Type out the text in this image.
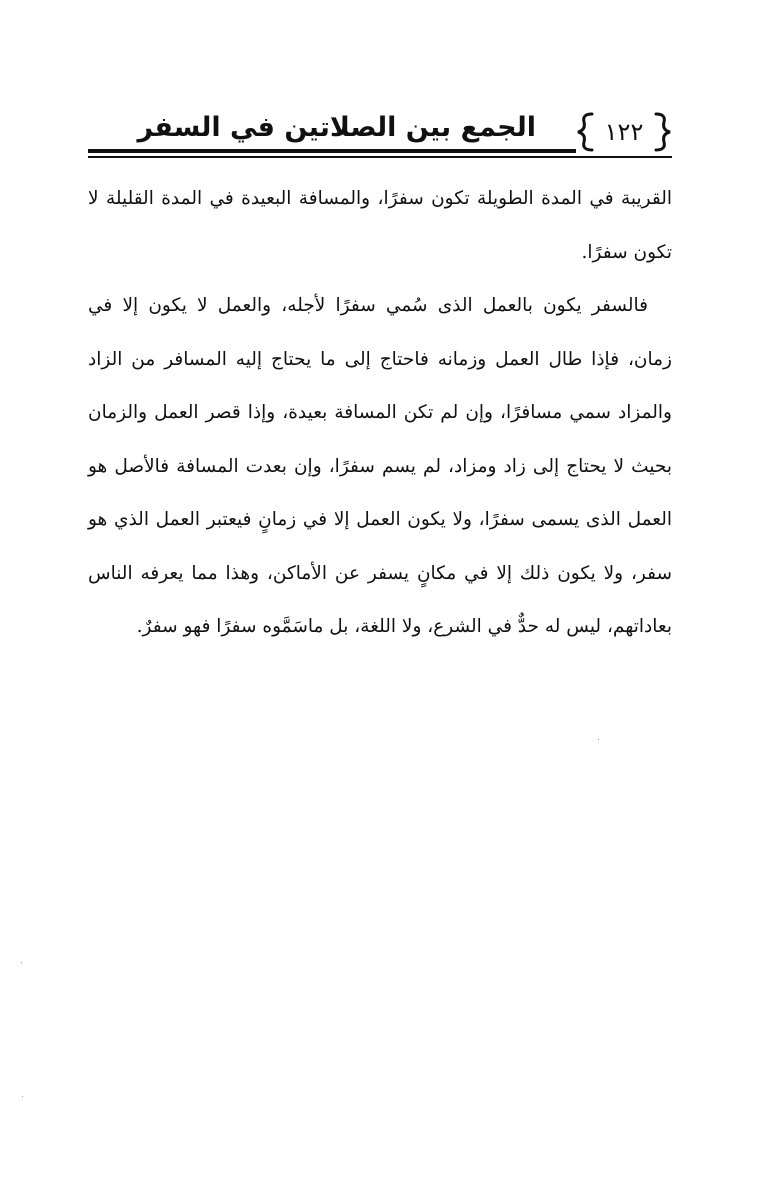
الجمع بين الصلاتين في السفر	١٢٢

القريبة في المدة الطويلة تكون سفرًا، والمسافة البعيدة في المدة القليلة لا تكون سفرًا.

فالسفر يكون بالعمل الذى سُمي سفرًا لأجله، والعمل لا يكون إلا في زمان، فإذا طال العمل وزمانه فاحتاج إلى ما يحتاج إليه المسافر من الزاد والمزاد سمي مسافرًا، وإن لم تكن المسافة بعيدة، وإذا قصر العمل والزمان بحيث لا يحتاج إلى زاد ومزاد، لم يسم سفرًا، وإن بعدت المسافة فالأصل هو العمل الذى يسمى سفرًا، ولا يكون العمل إلا في زمانٍ فيعتبر العمل الذي هو سفر، ولا يكون ذلك إلا في مكانٍ يسفر عن الأماكن، وهذا مما يعرفه الناس بعاداتهم، ليس له حدٌّ في الشرع، ولا اللغة، بل ماسَمَّوه سفرًا فهو سفرٌ.
